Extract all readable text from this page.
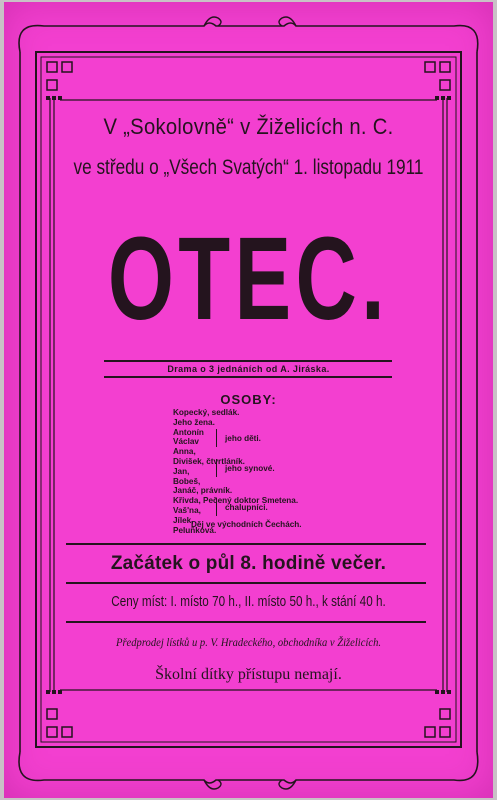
V „Sokolovně“ v Žiželicích n. C.
ve středu o „Všech Svatých“ 1. listopadu 1911
OTEC.
Drama o 3 jednáních od A. Jiráska.
OSOBY:
Kopecký, sedlák.
Jeho žena.
Antonín
Václav
Anna,
Divišek, čtvrtláník.
Jan,
Bobeš,
Janáč, právník.
Křivda, Pečený doktor Smetena.
Vaš'na,
Jílek,
Peluňková.
jeho děti.
jeho synové.
chalupníci.
Děj ve východních Čechách.
Začátek o půl 8. hodině večer.
Ceny míst: I. místo 70 h., II. místo 50 h., k stání 40 h.
Předprodej lístků u p. V. Hradeckého, obchodníka v Žiželicích.
Školní dítky přístupu nemají.
